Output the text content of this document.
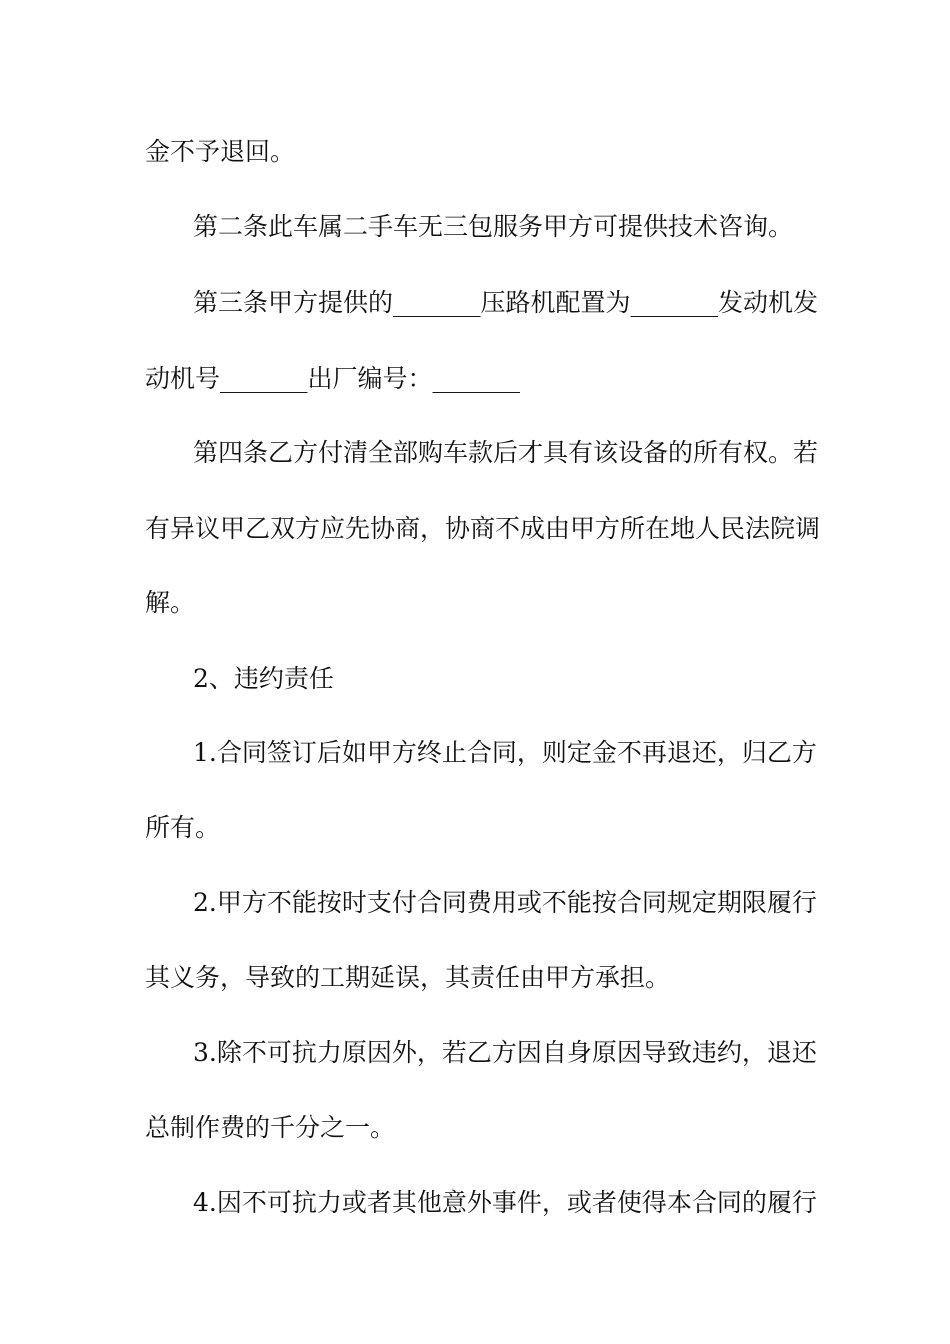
金不予退回。
第二条此车属二手车无三包服务甲方可提供技术咨询。
第三条甲方提供的_______压路机配置为_______发动机发
动机号_______出厂编号：_______
第四条乙方付清全部购车款后才具有该设备的所有权。若
有异议甲乙双方应先协商，协商不成由甲方所在地人民法院调
解。
2、违约责任
1.合同签订后如甲方终止合同，则定金不再退还，归乙方
所有。
2.甲方不能按时支付合同费用或不能按合同规定期限履行
其义务，导致的工期延误，其责任由甲方承担。
3.除不可抗力原因外，若乙方因自身原因导致违约，退还
总制作费的千分之一。
4.因不可抗力或者其他意外事件，或者使得本合同的履行
